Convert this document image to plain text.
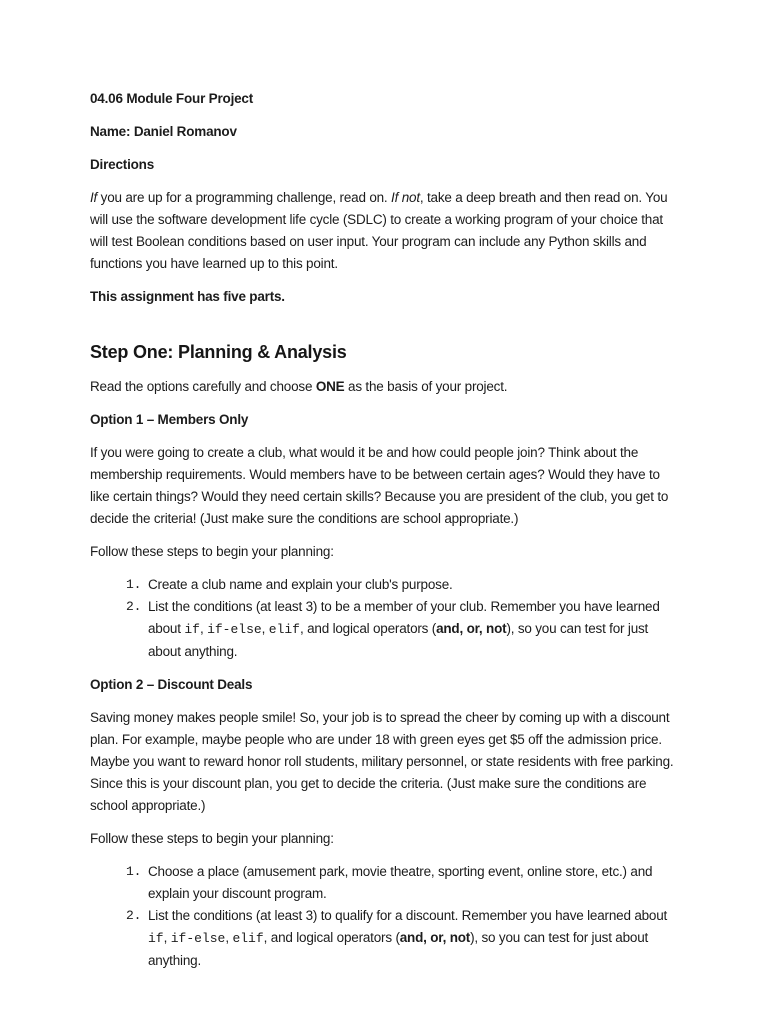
04.06 Module Four Project

Name: Daniel Romanov

Directions

If you are up for a programming challenge, read on. If not, take a deep breath and then read on. You will use the software development life cycle (SDLC) to create a working program of your choice that will test Boolean conditions based on user input. Your program can include any Python skills and functions you have learned up to this point.

This assignment has five parts.

Step One: Planning & Analysis

Read the options carefully and choose ONE as the basis of your project.

Option 1 – Members Only

If you were going to create a club, what would it be and how could people join? Think about the membership requirements. Would members have to be between certain ages? Would they have to like certain things? Would they need certain skills? Because you are president of the club, you get to decide the criteria! (Just make sure the conditions are school appropriate.)

Follow these steps to begin your planning:

Create a club name and explain your club's purpose.
List the conditions (at least 3) to be a member of your club. Remember you have learned about if, if-else, elif, and logical operators (and, or, not), so you can test for just about anything.

Option 2 – Discount Deals

Saving money makes people smile! So, your job is to spread the cheer by coming up with a discount plan. For example, maybe people who are under 18 with green eyes get $5 off the admission price. Maybe you want to reward honor roll students, military personnel, or state residents with free parking. Since this is your discount plan, you get to decide the criteria. (Just make sure the conditions are school appropriate.)

Follow these steps to begin your planning:

Choose a place (amusement park, movie theatre, sporting event, online store, etc.) and explain your discount program.
List the conditions (at least 3) to qualify for a discount. Remember you have learned about if, if-else, elif, and logical operators (and, or, not), so you can test for just about anything.
